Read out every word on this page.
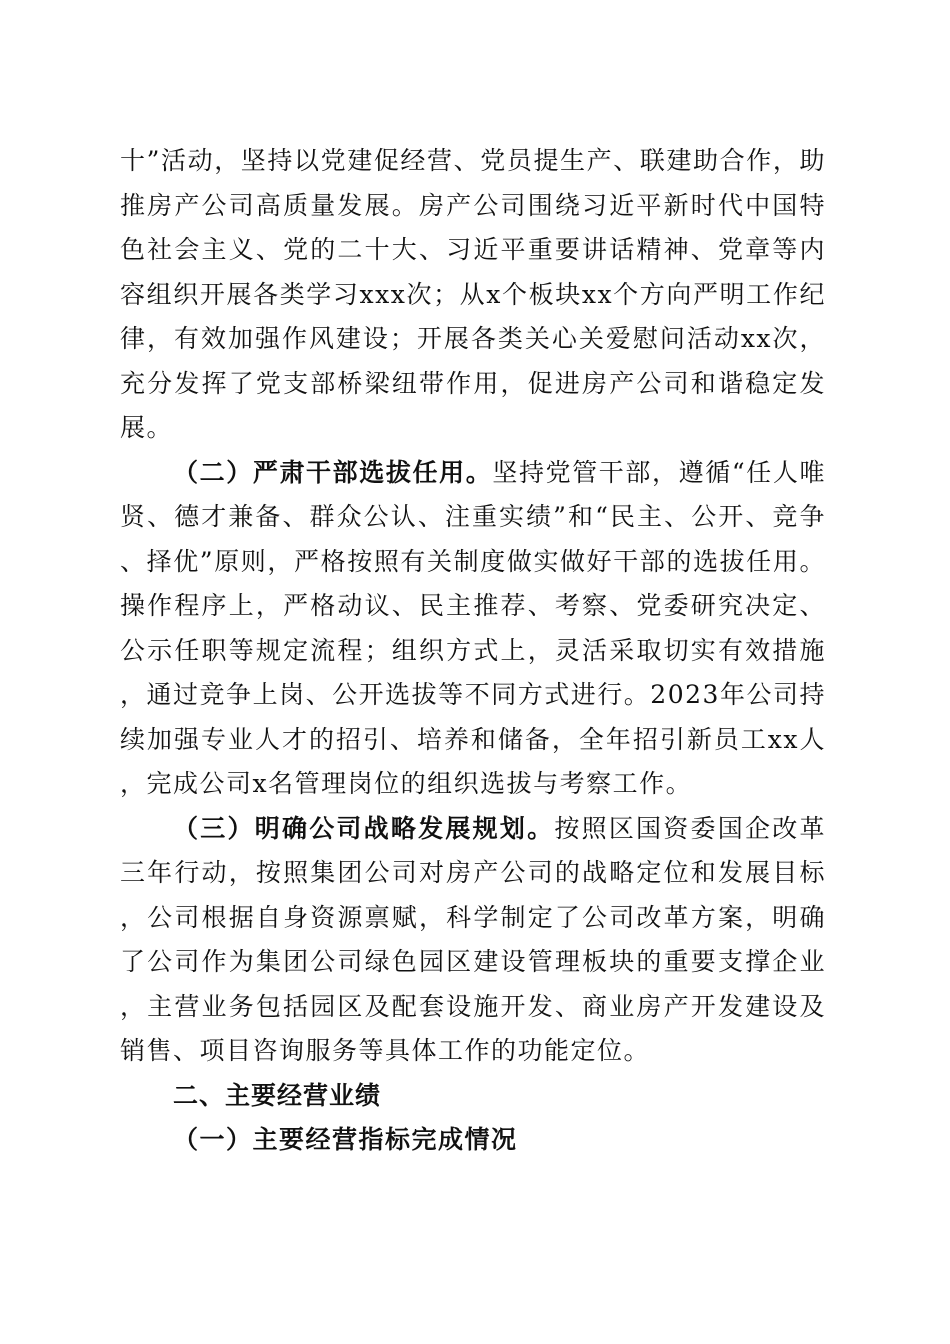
十”活动，坚持以党建促经营、党员提生产、联建助合作，助推房产公司高质量发展。房产公司围绕习近平新时代中国特色社会主义、党的二十大、习近平重要讲话精神、党章等内容组织开展各类学习xxx次；从x个板块xx个方向严明工作纪律，有效加强作风建设；开展各类关心关爱慰问活动xx次，充分发挥了党支部桥梁纽带作用，促进房产公司和谐稳定发展。

（二）严肃干部选拔任用。坚持党管干部，遵循“任人唯贤、德才兼备、群众公认、注重实绩”和“民主、公开、竞争、择优”原则，严格按照有关制度做实做好干部的选拔任用。操作程序上，严格动议、民主推荐、考察、党委研究决定、公示任职等规定流程；组织方式上，灵活采取切实有效措施，通过竞争上岗、公开选拔等不同方式进行。2023年公司持续加强专业人才的招引、培养和储备，全年招引新员工xx人，完成公司x名管理岗位的组织选拔与考察工作。

（三）明确公司战略发展规划。按照区国资委国企改革三年行动，按照集团公司对房产公司的战略定位和发展目标，公司根据自身资源禀赋，科学制定了公司改革方案，明确了公司作为集团公司绿色园区建设管理板块的重要支撑企业，主营业务包括园区及配套设施开发、商业房产开发建设及销售、项目咨询服务等具体工作的功能定位。

二、主要经营业绩

（一）主要经营指标完成情况
